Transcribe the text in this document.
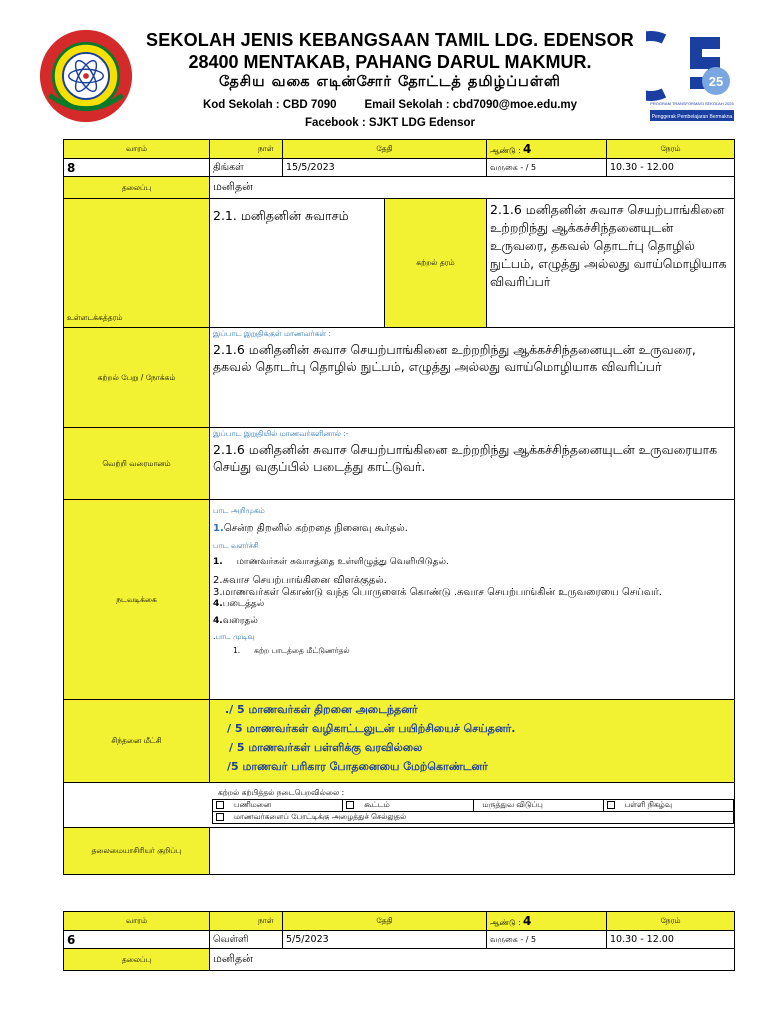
SEKOLAH JENIS KEBANGSAAN TAMIL LDG. EDENSOR
28400 MENTAKAB, PAHANG DARUL MAKMUR.
தேசிய வகை எடின்சோர் தோட்டத் தமிழ்ப்பள்ளி
Kod Sekolah : CBD 7090 Email Sekolah : cbd7090@moe.edu.my
Facebook : SJKT LDG Edensor
25
PROGRAM TRANSFORMASI SEKOLAH 2025
Penggerak Pembelajaran Bermakna
வாரம்	நாள்	தேதி	ஆண்டு : 4	நேரம்
8	திங்கள்	15/5/2023	வருகை - / 5	10.30 - 12.00
தலைப்பு	மனிதன்
உள்ளடக்கத்தரம்	2.1. மனிதனின் சுவாசம்	கற்றல் தரம்	2.1.6 மனிதனின் சுவாச செயற்பாங்கினை உற்றறிந்து ஆக்கச்சிந்தனையுடன் உருவரை, தகவல் தொடர்பு தொழில் நுட்பம், எழுத்து அல்லது வாய்மொழியாக விவரிப்பர்
கற்றல் பேறு / நோக்கம்	
இப்பாட இறுதிக்குள் மாணவர்கள் :
2.1.6 மனிதனின் சுவாச செயற்பாங்கினை உற்றறிந்து ஆக்கச்சிந்தனையுடன் உருவரை, தகவல் தொடர்பு தொழில் நுட்பம், எழுத்து அல்லது வாய்மொழியாக விவரிப்பர்

வெற்றி வரைமானம்	
இப்பாட இறுதியில் மாணவர்களினால் :-
2.1.6 மனிதனின் சுவாச செயற்பாங்கினை உற்றறிந்து ஆக்கச்சிந்தனையுடன் உருவரையாக செய்து வகுப்பில் படைத்து காட்டுவர்.

நடவடிக்கை	
பாட அறிமுகம்
1.சென்ற திறனில் கற்றதை நினைவு கூர்தல்.
பாட வளர்ச்சி
1. மாணவர்கள் சுவாசத்தை உள்ளிழுத்து வெளியிடுதல்.
2.சுவாச செயற்பாங்கினை விளக்குதல்.
3.மாணவர்கள் கொண்டு வந்த பொருளைக் கொண்டு .சுவாச செயற்பாங்கின் உருவரையை செய்வர்.
4.படைத்தல்
4.வரைதல்
.பாட முடிவு
1. கற்ற பாடத்தை மீட்டுணர்தல்

சிந்தனை மீட்சி	
./ 5 மாணவர்கள் திறனை அடைந்தனர்
/ 5 மாணவர்கள் வழிகாட்டலுடன் பயிற்சியைச் செய்தனர்.
/ 5 மாணவர்கள் பள்ளிக்கு வரவில்லை
/5 மாணவர் பரிகார போதனையை மேற்கொண்டனர்

கற்றல் கற்பித்தல் நடைபெறவில்லை :
பணிமனை	கூட்டம்	மருத்துவ விடுப்பு	பள்ளி நிகழ்வு
மாணவர்களைப் போட்டிக்கு அழைத்துச் செல்லுதல்

தலைமையாசிரியர் குறிப்பு	
வாரம்	நாள்	தேதி	ஆண்டு : 4	நேரம்
6	வெள்ளி	5/5/2023	வருகை - / 5	10.30 - 12.00
தலைப்பு	மனிதன்			
